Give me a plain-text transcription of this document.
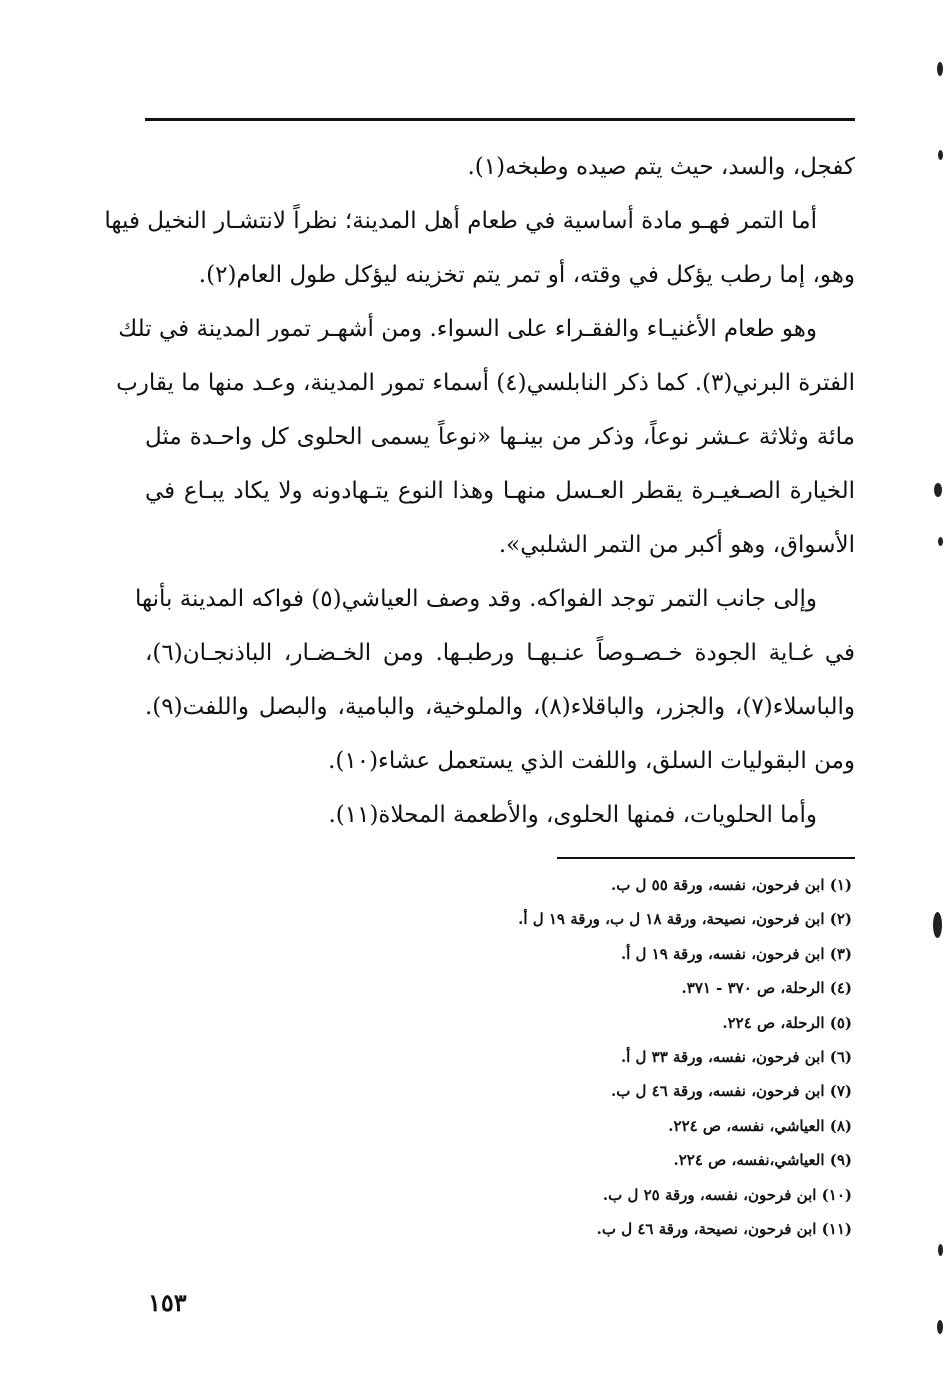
كفجل، والسد، حيث يتم صيده وطبخه(١).
أما التمر فهـو مادة أساسية في طعام أهل المدينة؛ نظراً لانتشـار النخيل فيها
وهو، إما رطب يؤكل في وقته، أو تمر يتم تخزينه ليؤكل طول العام(٢).
وهو طعام الأغنيـاء والفقـراء على السواء. ومن أشهـر تمور المدينة في تلك
الفترة البرني(٣). كما ذكر النابلسي(٤) أسماء تمور المدينة، وعـد منها ما يقارب
مائة وثلاثة عـشر نوعاً، وذكر من بينـها «نوعاً يسمى الحلوى كل واحـدة مثل
الخيارة الصـغيـرة يقطر العـسل منهـا وهذا النوع يتـهادونه ولا يكاد يبـاع في
الأسواق، وهو أكبر من التمر الشلبي».
وإلى جانب التمر توجد الفواكه. وقد وصف العياشي(٥) فواكه المدينة بأنها
في غـاية الجودة خـصـوصاً عنـبهـا ورطبـها. ومن الخـضـار، الباذنجـان(٦)،
والباسلاء(٧)، والجزر، والباقلاء(٨)، والملوخية، والبامية، والبصل واللفت(٩).
ومن البقوليات السلق، واللفت الذي يستعمل عشاء(١٠).
وأما الحلويات، فمنها الحلوى، والأطعمة المحلاة(١١).
(١) ابن فرحون، نفسه، ورقة ٥٥ ل ب.
(٢) ابن فرحون، نصيحة، ورقة ١٨ ل ب، ورقة ١٩ ل أ.
(٣) ابن فرحون، نفسه، ورقة ١٩ ل أ.
(٤) الرحلة، ص ٣٧٠ - ٣٧١.
(٥) الرحلة، ص ٢٢٤.
(٦) ابن فرحون، نفسه، ورقة ٣٣ ل أ.
(٧) ابن فرحون، نفسه، ورقة ٤٦ ل ب.
(٨) العياشي، نفسه، ص ٢٢٤.
(٩) العياشي،نفسه، ص ٢٢٤.
(١٠) ابن فرحون، نفسه، ورقة ٢٥ ل ب.
(١١) ابن فرحون، نصيحة، ورقة ٤٦ ل ب.
١٥٣
